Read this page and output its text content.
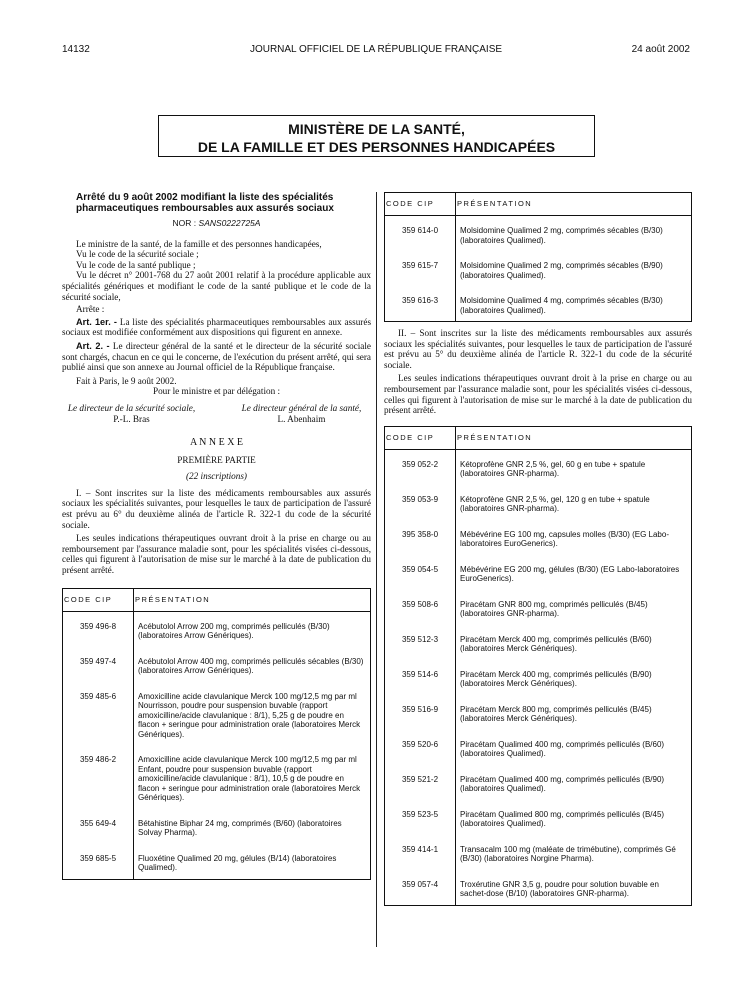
14132	JOURNAL OFFICIEL DE LA RÉPUBLIQUE FRANÇAISE	24 août 2002
MINISTÈRE DE LA SANTÉ,
DE LA FAMILLE ET DES PERSONNES HANDICAPÉES
Arrêté du 9 août 2002 modifiant la liste des spécialités pharmaceutiques remboursables aux assurés sociaux
NOR : SANS0222725A

Le ministre de la santé, de la famille et des personnes handicapées,

Vu le code de la sécurité sociale ;

Vu le code de la santé publique ;

Vu le décret n° 2001-768 du 27 août 2001 relatif à la procédure applicable aux spécialités génériques et modifiant le code de la santé publique et le code de la sécurité sociale,

Arrête :

Art. 1er. - La liste des spécialités pharmaceutiques remboursables aux assurés sociaux est modifiée conformément aux dispositions qui figurent en annexe.

Art. 2. - Le directeur général de la santé et le directeur de la sécurité sociale sont chargés, chacun en ce qui le concerne, de l'exécution du présent arrêté, qui sera publié ainsi que son annexe au Journal officiel de la République française.

Fait à Paris, le 9 août 2002.

Pour le ministre et par délégation :

Le directeur de la sécurité sociale,
P.-L. Bras
Le directeur général de la santé,
L. Abenhaim

A N N E X E

PREMIÈRE PARTIE

(22 inscriptions)

I. – Sont inscrites sur la liste des médicaments remboursables aux assurés sociaux les spécialités suivantes, pour lesquelles le taux de participation de l'assuré est prévu au 6° du deuxième alinéa de l'article R. 322-1 du code de la sécurité sociale.

Les seules indications thérapeutiques ouvrant droit à la prise en charge ou au remboursement par l'assurance maladie sont, pour les spécialités visées ci-dessous, celles qui figurent à l'autorisation de mise sur le marché à la date de publication du présent arrêté.

CODE CIP	PRÉSENTATION
359 496-8	Acébutolol Arrow 200 mg, comprimés pelliculés (B/30) (laboratoires Arrow Génériques).
359 497-4	Acébutolol Arrow 400 mg, comprimés pelliculés sécables (B/30) (laboratoires Arrow Génériques).
359 485-6	Amoxicilline acide clavulanique Merck 100 mg/12,5 mg par ml Nourrisson, poudre pour suspension buvable (rapport amoxicilline/acide clavulanique : 8/1), 5,25 g de poudre en flacon + seringue pour administration orale (laboratoires Merck Génériques).
359 486-2	Amoxicilline acide clavulanique Merck 100 mg/12,5 mg par ml Enfant, poudre pour suspension buvable (rapport amoxicilline/acide clavulanique : 8/1), 10,5 g de poudre en flacon + seringue pour administration orale (laboratoires Merck Génériques).
355 649-4	Bétahistine Biphar 24 mg, comprimés (B/60) (laboratoires Solvay Pharma).
359 685-5	Fluoxétine Qualimed 20 mg, gélules (B/14) (laboratoires Qualimed).
CODE CIP	PRÉSENTATION
359 614-0	Molsidomine Qualimed 2 mg, comprimés sécables (B/30) (laboratoires Qualimed).
359 615-7	Molsidomine Qualimed 2 mg, comprimés sécables (B/90) (laboratoires Qualimed).
359 616-3	Molsidomine Qualimed 4 mg, comprimés sécables (B/30) (laboratoires Qualimed).

II. – Sont inscrites sur la liste des médicaments remboursables aux assurés sociaux les spécialités suivantes, pour lesquelles le taux de participation de l'assuré est prévu au 5° du deuxième alinéa de l'article R. 322-1 du code de la sécurité sociale.

Les seules indications thérapeutiques ouvrant droit à la prise en charge ou au remboursement par l'assurance maladie sont, pour les spécialités visées ci-dessous, celles qui figurent à l'autorisation de mise sur le marché à la date de publication du présent arrêté.

CODE CIP	PRÉSENTATION
359 052-2	Kétoprofène GNR 2,5 %, gel, 60 g en tube + spatule (laboratoires GNR-pharma).
359 053-9	Kétoprofène GNR 2,5 %, gel, 120 g en tube + spatule (laboratoires GNR-pharma).
395 358-0	Mébévérine EG 100 mg, capsules molles (B/30) (EG Labo-laboratoires EuroGenerics).
359 054-5	Mébévérine EG 200 mg, gélules (B/30) (EG Labo-laboratoires EuroGenerics).
359 508-6	Piracétam GNR 800 mg, comprimés pelliculés (B/45) (laboratoires GNR-pharma).
359 512-3	Piracétam Merck 400 mg, comprimés pelliculés (B/60) (laboratoires Merck Génériques).
359 514-6	Piracétam Merck 400 mg, comprimés pelliculés (B/90) (laboratoires Merck Génériques).
359 516-9	Piracétam Merck 800 mg, comprimés pelliculés (B/45) (laboratoires Merck Génériques).
359 520-6	Piracétam Qualimed 400 mg, comprimés pelliculés (B/60) (laboratoires Qualimed).
359 521-2	Piracétam Qualimed 400 mg, comprimés pelliculés (B/90) (laboratoires Qualimed).
359 523-5	Piracétam Qualimed 800 mg, comprimés pelliculés (B/45) (laboratoires Qualimed).
359 414-1	Transacalm 100 mg (maléate de trimébutine), comprimés Gé (B/30) (laboratoires Norgine Pharma).
359 057-4	Troxérutine GNR 3,5 g, poudre pour solution buvable en sachet-dose (B/10) (laboratoires GNR-pharma).
